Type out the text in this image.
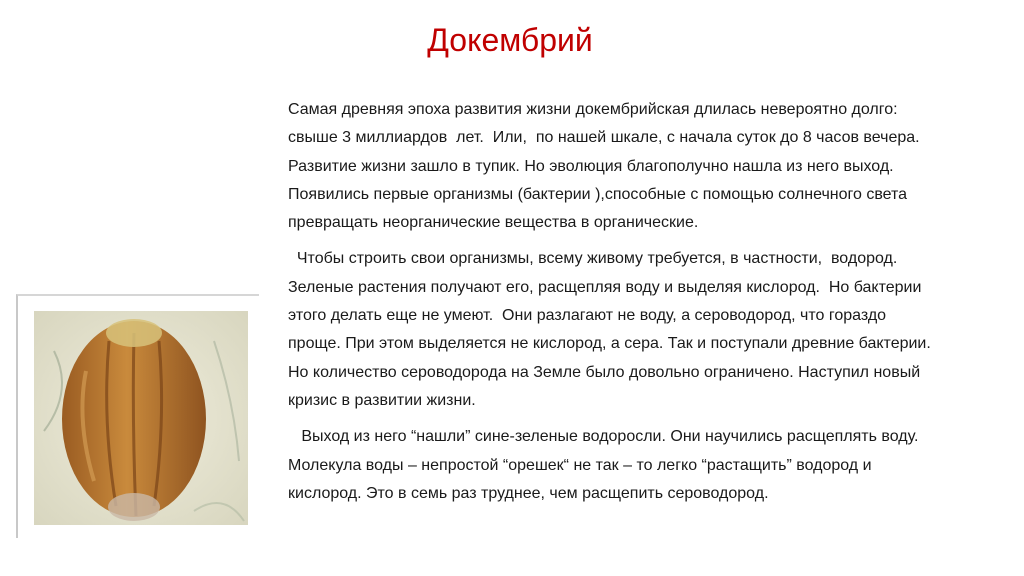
Докембрий

Самая древняя эпоха развития жизни докембрийская длилась невероятно долго:
свыше 3 миллиардов  лет.  Или,  по нашей шкале, с начала суток до 8 часов вечера.
Развитие жизни зашло в тупик. Но эволюция благополучно нашла из него выход.
Появились первые организмы (бактерии ),способные с помощью солнечного света
превращать неорганические вещества в органические.

Чтобы строить свои организмы, всему живому требуется, в частности,  водород.
Зеленые растения получают его, расщепляя воду и выделяя кислород.  Но бактерии
этого делать еще не умеют.  Они разлагают не воду, а сероводород, что гораздо
проще. При этом выделяется не кислород, а сера. Так и поступали древние бактерии.
Но количество сероводорода на Земле было довольно ограничено. Наступил новый
кризис в развитии жизни.

Выход из него “нашли” сине-зеленые водоросли. Они научились расщеплять воду.
Молекула воды – непростой “орешек“ не так – то легко “растащить” водород и
кислород. Это в семь раз труднее, чем расщепить сероводород.
